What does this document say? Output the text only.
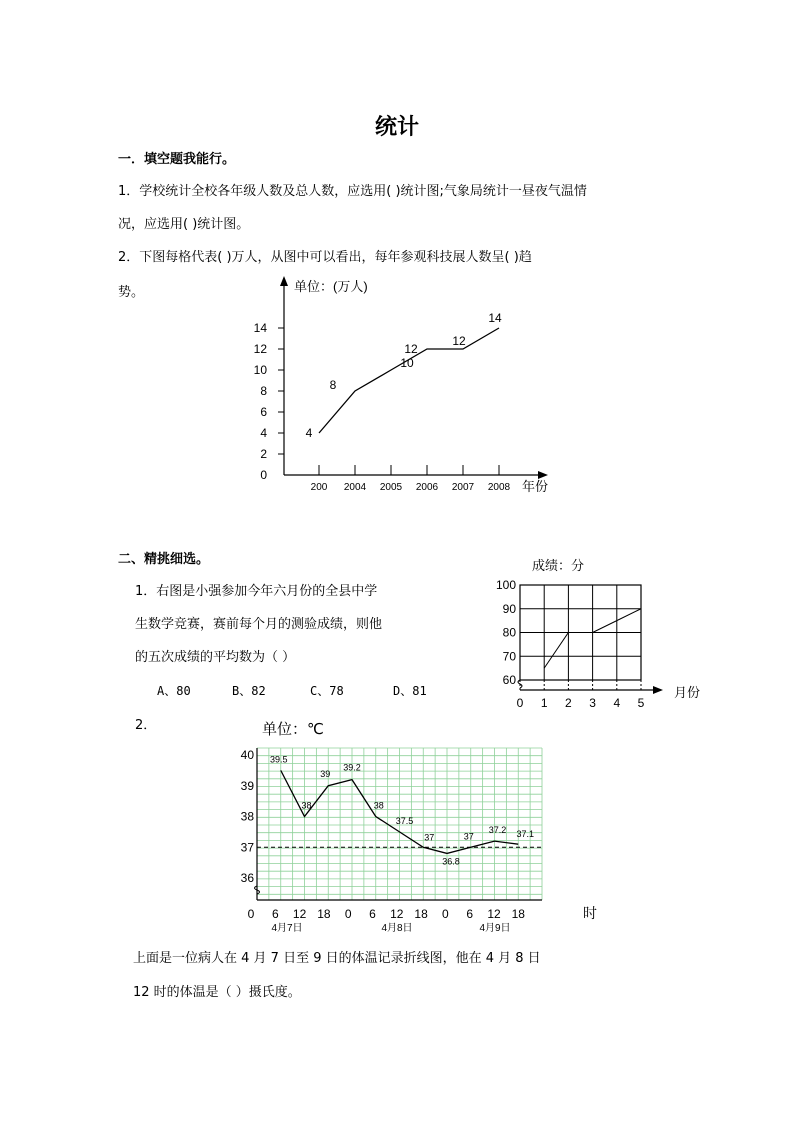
统计
一．填空题我能行。
1．学校统计全校各年级人数及总人数，应选用( )统计图;气象局统计一昼夜气温情
况，应选用( )统计图。
2．下图每格代表( )万人，从图中可以看出，每年参观科技展人数呈( )趋
势。	单位：(万人)
年份
0
2
4
6
8
10
12
14
200 2004 2005 2006 2007 2008
4
8
10
12
12
14
二、精挑细选。
1．右图是小强参加今年六月份的全县中学
生数学竞赛，赛前每个月的测验成绩，则他
的五次成绩的平均数为（ ）
A、80	B、82	C、78	D、81
成绩：分
60
70
80
90
100
0 1 2 3 4 5
月份
2．	单位：℃
36
37
38
39
40
0 6 12 18 0 6 12 18 0 6 12 18
4月7日	4月8日	4月9日
39.5
38
39
39.2
38
37.5
37
36.8
37
37.2 37.1
时
上面是一位病人在 4 月 7 日至 9 日的体温记录折线图，他在 4 月 8 日
12 时的体温是（ ）摄氏度。
